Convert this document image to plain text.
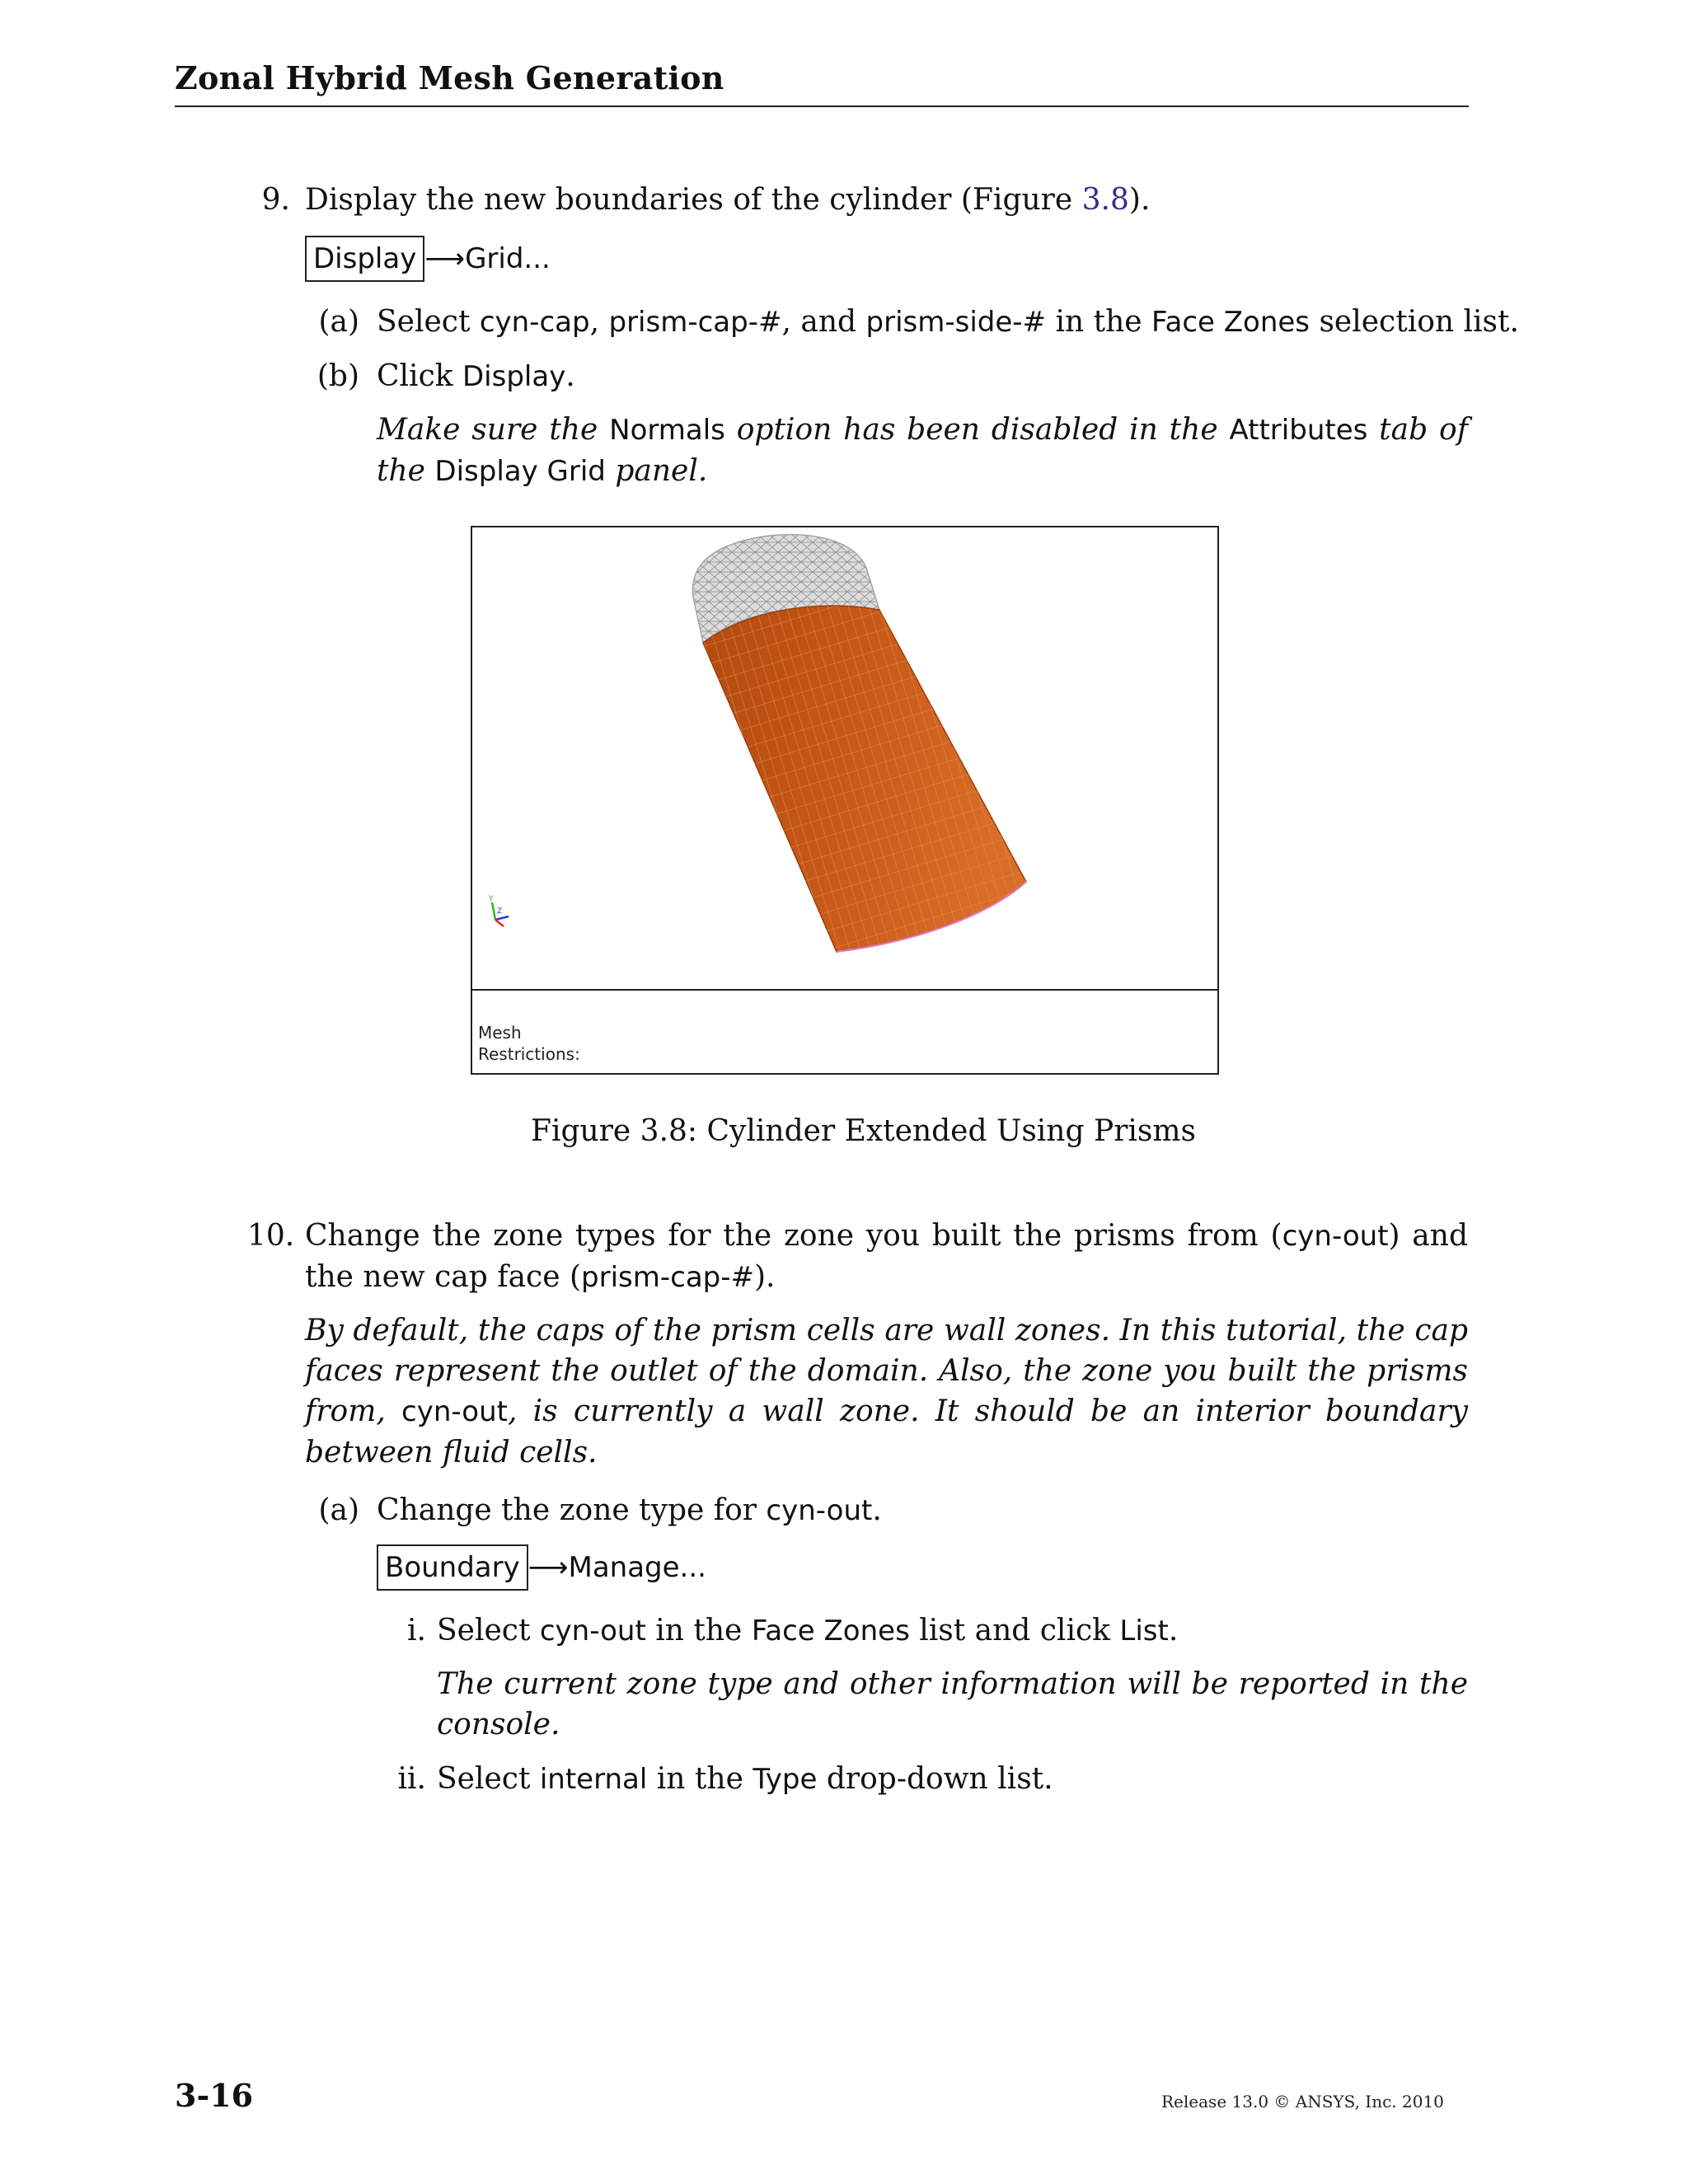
Zonal Hybrid Mesh Generation
9. Display the new boundaries of the cylinder (Figure 3.8).
Display ⟶Grid...
(a) Select cyn-cap, prism-cap-#, and prism-side-# in the Face Zones selection list.
(b) Click Display.
Make sure the Normals option has been disabled in the Attributes tab of the Display Grid panel.
Z
Y
Mesh
Restrictions:
Figure 3.8: Cylinder Extended Using Prisms
10. Change the zone types for the zone you built the prisms from (cyn-out) and the new cap face (prism-cap-#).
By default, the caps of the prism cells are wall zones. In this tutorial, the cap faces represent the outlet of the domain. Also, the zone you built the prisms from, cyn-out, is currently a wall zone. It should be an interior boundary between fluid cells.
(a) Change the zone type for cyn-out.
Boundary ⟶Manage...
i. Select cyn-out in the Face Zones list and click List.
The current zone type and other information will be reported in the console.
ii. Select internal in the Type drop-down list.
3-16	Release 13.0 © ANSYS, Inc. 2010
